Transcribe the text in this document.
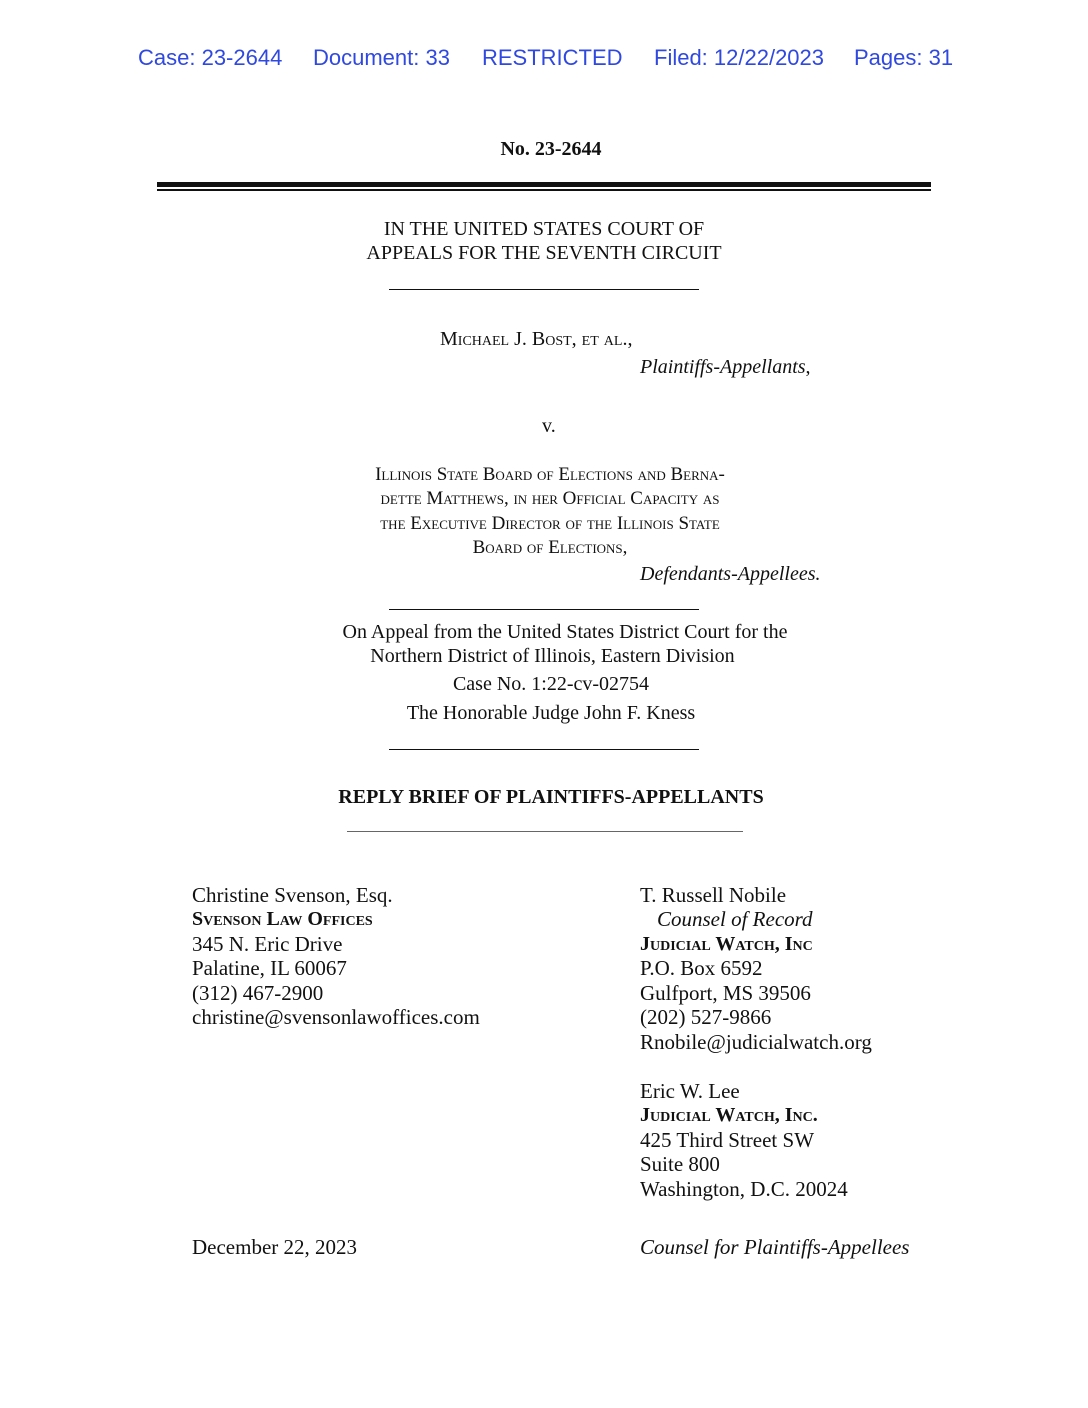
Case: 23-2644 Document: 33 RESTRICTED Filed: 12/22/2023 Pages: 31
No. 23-2644
IN THE UNITED STATES COURT OF
APPEALS FOR THE SEVENTH CIRCUIT
Michael J. Bost, et al.,
Plaintiffs-Appellants,
v.
Illinois State Board of Elections and Berna-
dette Matthews, in her Official Capacity as
the Executive Director of the Illinois State
Board of Elections,
Defendants-Appellees.
On Appeal from the United States District Court for the
Northern District of Illinois, Eastern Division
Case No. 1:22-cv-02754
The Honorable Judge John F. Kness
REPLY BRIEF OF PLAINTIFFS-APPELLANTS
Christine Svenson, Esq.
Svenson Law Offices
345 N. Eric Drive
Palatine, IL 60067
(312) 467-2900
christine@svensonlawoffices.com
T. Russell Nobile
Counsel of Record
Judicial Watch, Inc
P.O. Box 6592
Gulfport, MS 39506
(202) 527-9866
Rnobile@judicialwatch.org
Eric W. Lee
Judicial Watch, Inc.
425 Third Street SW
Suite 800
Washington, D.C. 20024
December 22, 2023	Counsel for Plaintiffs-Appellees
